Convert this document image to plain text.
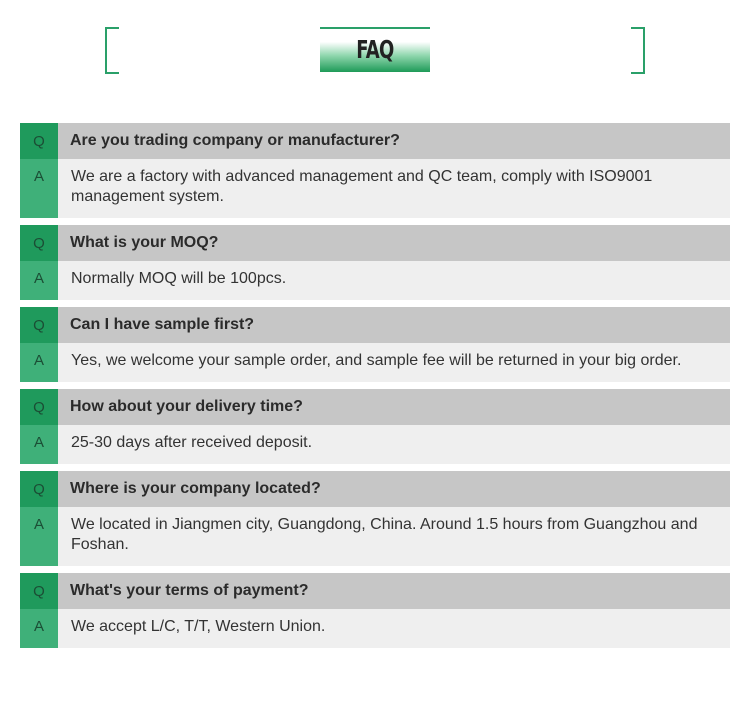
FAQ
Q	Are you trading company or manufacturer?
A	We are a factory with advanced management and QC team, comply with ISO9001 management system.
Q	What is your MOQ?
A	Normally MOQ will be 100pcs.
Q	Can I have sample first?
A	Yes, we welcome your sample order, and sample fee will be returned in your big order.
Q	How about your delivery time?
A	25-30 days after received deposit.
Q	Where is your company located?
A	We located in Jiangmen city, Guangdong, China. Around 1.5 hours from Guangzhou and Foshan.
Q	What's your terms of payment?
A	We accept L/C, T/T, Western Union.
